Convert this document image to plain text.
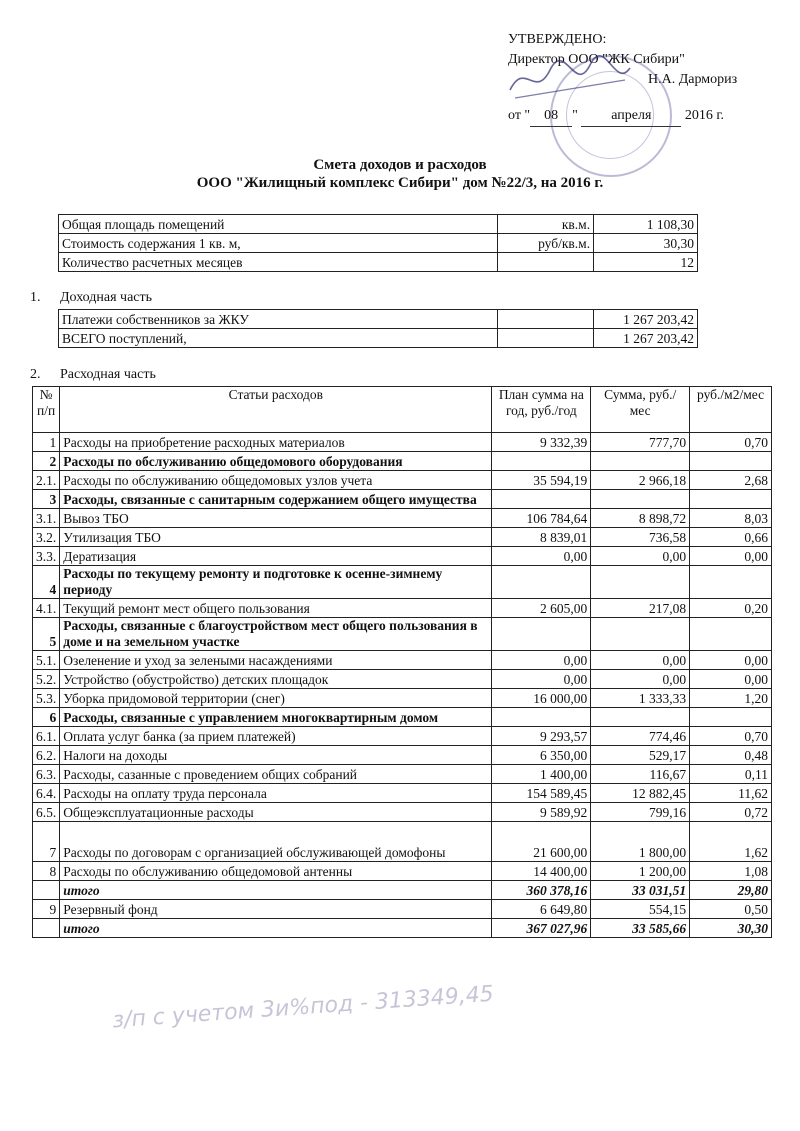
УТВЕРЖДЕНО:
Директор ООО "ЖК Сибири"
Н.А. Дармориз
от " 08 " апреля 2016 г.
Смета доходов и расходов
ООО "Жилищный комплекс Сибири" дом №22/3, на 2016 г.
Общая площадь помещений	кв.м.	1 108,30
Стоимость содержания 1 кв. м,	руб/кв.м.	30,30
Количество расчетных месяцев		12
1. Доходная часть
Платежи собственников за ЖКУ		1 267 203,42
ВСЕГО поступлений,		1 267 203,42
2. Расходная часть
№ п/п	Статьи расходов	План сумма на год, руб./год	Сумма, руб./мес	руб./м2/мес
1	Расходы на приобретение расходных материалов	9 332,39	777,70	0,70
2	Расходы по обслуживанию общедомового оборудования			
2.1.	Расходы по обслуживанию общедомовых узлов учета	35 594,19	2 966,18	2,68
3	Расходы, связанные с санитарным содержанием общего имущества			
3.1.	Вывоз ТБО	106 784,64	8 898,72	8,03
3.2.	Утилизация ТБО	8 839,01	736,58	0,66
3.3.	Дератизация	0,00	0,00	0,00
4	Расходы по текущему ремонту и подготовке к осенне-зимнему периоду			
4.1.	Текущий ремонт мест общего пользования	2 605,00	217,08	0,20
5	Расходы, связанные с благоустройством мест общего пользования в доме и на земельном участке			
5.1.	Озеленение и уход за зелеными насаждениями	0,00	0,00	0,00
5.2.	Устройство (обустройство) детских площадок	0,00	0,00	0,00
5.3.	Уборка придомовой территории (снег)	16 000,00	1 333,33	1,20
6	Расходы, связанные с управлением многоквартирным домом			
6.1.	Оплата услуг банка (за прием платежей)	9 293,57	774,46	0,70
6.2.	Налоги на доходы	6 350,00	529,17	0,48
6.3.	Расходы, сазанные с проведением общих собраний	1 400,00	116,67	0,11
6.4.	Расходы на оплату труда персонала	154 589,45	12 882,45	11,62
6.5.	Общеэксплуатационные расходы	9 589,92	799,16	0,72
7	Расходы по договорам с организацией обслуживающей домофоны	21 600,00	1 800,00	1,62
8	Расходы по обслуживанию общедомовой антенны	14 400,00	1 200,00	1,08
	итого	360 378,16	33 031,51	29,80
9	Резервный фонд	6 649,80	554,15	0,50
	итого	367 027,96	33 585,66	30,30
з/п с учетом 3и%под - 313349,45
